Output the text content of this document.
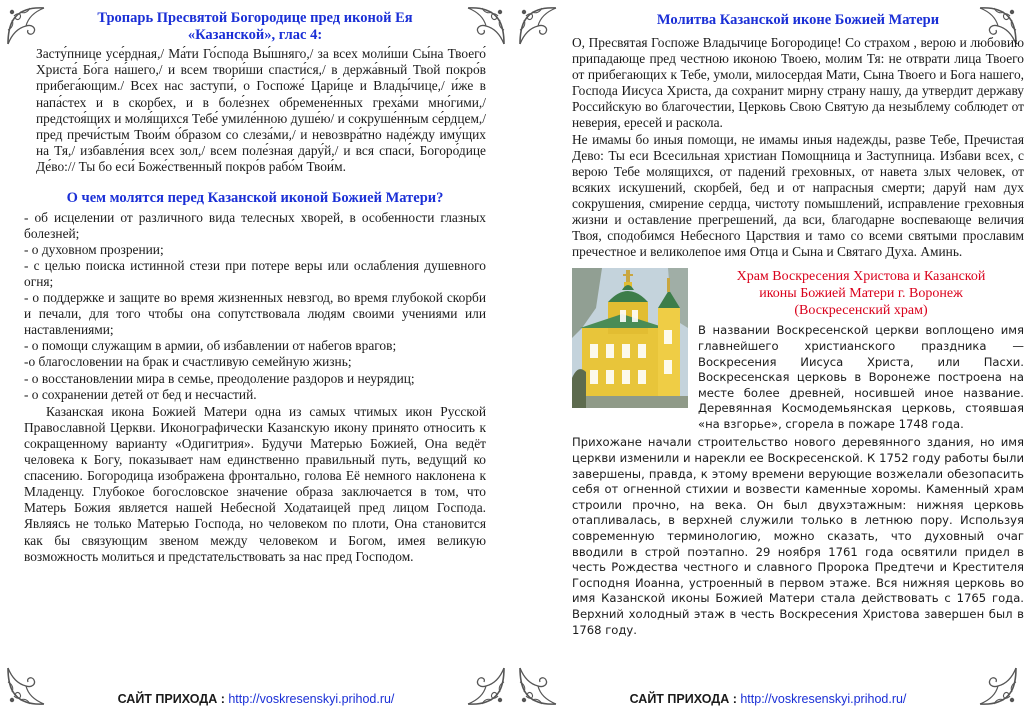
Тропарь Пресвятой Богородице пред иконой Ея
«Казанской», глас 4:
Засту́пнице усе́рдная,/ Ма́ти Го́спода Вы́шняго,/ за всех моли́ши Сы́на Твоего́ Христа́ Бо́га на́шего,/ и всем твори́ши спасти́ся,/ в держа́вный Твой покро́в прибега́ющим./ Всех нас заступи́, о Госпоже́ Цари́це и Влады́чице,/ и́же в напа́стех и в скорбех, и в боле́знех обремене́нных греха́ми мно́гими,/ предстоя́щих и моля́щихся Тебе́ умиле́нною душе́ю/ и сокруше́нным се́рдцем,/ пред пречи́стым Твои́м о́бразом со слеза́ми,/ и невозвра́тно наде́жду иму́щих на Тя,/ избавле́ния всех зол,/ всем поле́зная дару́й,/ и вся спаси́, Богоро́дице Де́во:// Ты бо еси́ Боже́ственный покро́в рабо́м Твои́м.
О чем молятся перед Казанской иконой Божией Матери?
- об исцелении от различного вида телесных хворей, в особенности глазных болезней;
- о духовном прозрении;
- с целью поиска истинной стези при потере веры или ослабления душевного огня;
- о поддержке и защите во время жизненных невзгод, во время глубокой скорби и печали, для того чтобы она сопутствовала людям своими учениями или наставлениями;
- о помощи служащим в армии, об избавлении от набегов врагов;
-о благословении на брак и счастливую семейную жизнь;
- о восстановлении мира в семье, преодоление раздоров и неурядиц;
- о сохранении детей от бед и несчастий.
Казанская икона Божией Матери одна из самых чтимых икон Русской Православной Церкви. Иконографически Казанскую икону принято относить к сокращенному варианту «Одигитрия». Будучи Матерью Божией, Она ведёт человека к Богу, показывает нам единственно правильный путь, ведущий ко спасению. Богородица изображена фронтально, голова Её немного наклонена к Младенцу. Глубокое богословское значение образа заключается в том, что Матерь Божия является нашей Небесной Ходатаицей пред лицом Господа. Являясь не только Матерью Господа, но человеком по плоти, Она становится как бы связующим звеном между человеком и Богом, имея великую возможность молиться и предстательствовать за нас пред Господом.
САЙТ ПРИХОДА : http://voskresenskyi.prihod.ru/
Молитва Казанской иконе Божией Матери
О, Пресвятая Госпоже Владычице Богородице! Со страхом , верою и любовию припадающе пред честною иконою Твоею, молим Тя: не отврати лица Твоего от прибегающих к Тебе, умоли, милосердая Мати, Сына Твоего и Бога нашего, Господа Иисуса Христа, да сохранит мирну страну нашу, да утвердит державу Российскую во благочестии, Церковь Свою Святую да незыблему соблюдет от неверия, ересей и раскола.
Не имамы бо иныя помощи, не имамы иныя надежды, разве Тебе, Пречистая Дево: Ты еси Всесильная христиан Помощница и Заступница. Избави всех, с верою Тебе молящихся, от падений греховных, от навета злых человек, от всяких искушений, скорбей, бед и от напрасныя смерти; даруй нам дух сокрушения, смирение сердца, чистоту помышлений, исправление греховныя жизни и оставление прегрешений, да вси, благодарне воспевающе величия Твоя, сподобимся Небесного Царствия и тамо со всеми святыми прославим пречестное и великолепое имя Отца и Сына и Святаго Духа. Аминь.
Храм Воскресения Христова и Казанской
иконы Божией Матери г. Воронеж
(Воскресенский храм)
В названии Воскресенской церкви воплощено имя главнейшего христианского праздника — Воскресения Иисуса Христа, или Пасхи. Воскресенская церковь в Воронеже построена на месте более древней, носившей иное название. Деревянная Космодемьянская церковь, стоявшая «на взгорье», сгорела в пожаре 1748 года.
Прихожане начали строительство нового деревянного здания, но имя церкви изменили и нарекли ее Воскресенской. К 1752 году работы были завершены, правда, к этому времени верующие возжелали обезопасить себя от огненной стихии и возвести каменные хоромы. Каменный храм строили прочно, на века. Он был двухэтажным: нижняя церковь отапливалась, в верхней служили только в летнюю пору. Используя современную терминологию, можно сказать, что духовный очаг вводили в строй поэтапно. 29 ноября 1761 года освятили придел в честь Рождества честного и славного Пророка Предтечи и Крестителя Господня Иоанна, устроенный в первом этаже. Вся нижняя церковь во имя Казанской иконы Божией Матери стала действовать с 1765 года. Верхний холодный этаж в честь Воскресения Христова завершен был в 1768 году.
САЙТ ПРИХОДА : http://voskresenskyi.prihod.ru/
